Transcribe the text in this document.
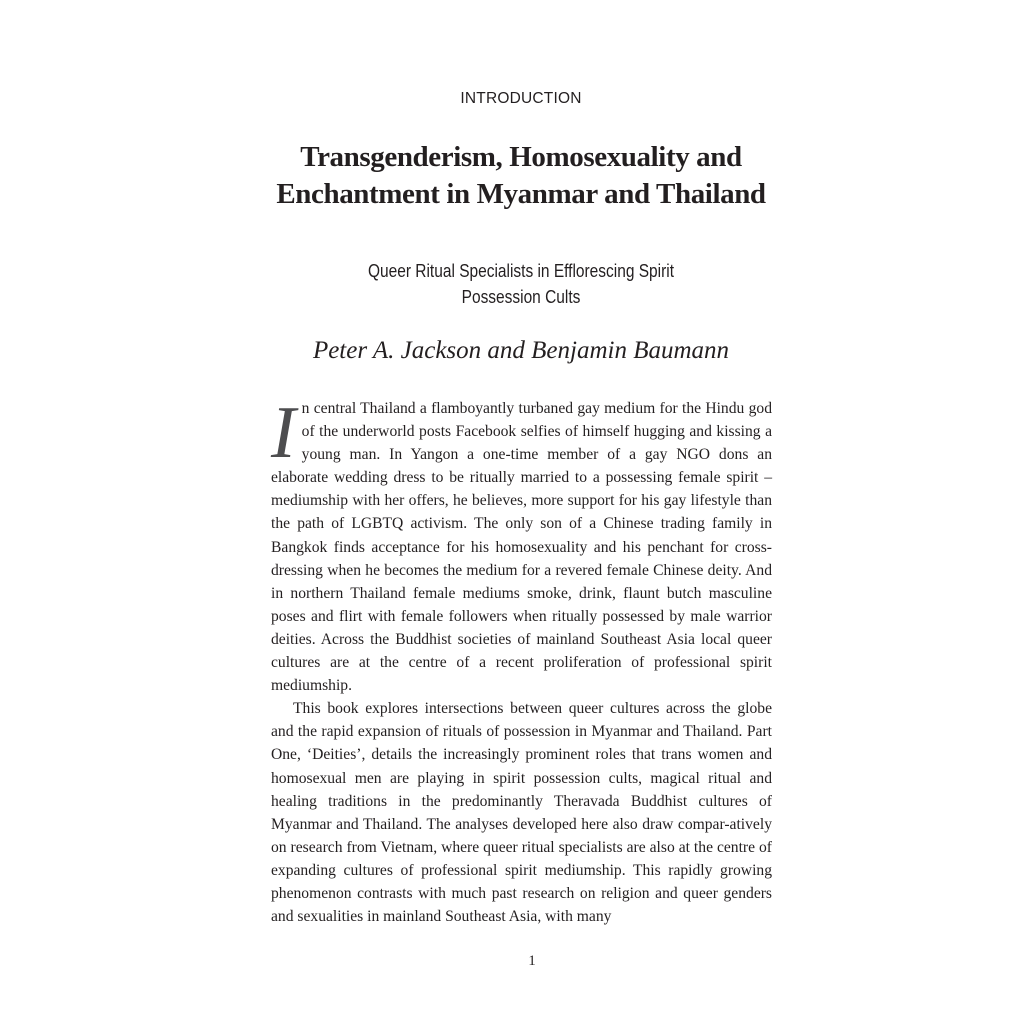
INTRODUCTION
Transgenderism, Homosexuality and Enchantment in Myanmar and Thailand
Queer Ritual Specialists in Efflorescing Spirit Possession Cults
Peter A. Jackson and Benjamin Baumann

In central Thailand a flamboyantly turbaned gay medium for the Hindu god of the underworld posts Facebook selfies of himself hugging and kissing a young man. In Yangon a one-time member of a gay NGO dons an elaborate wedding dress to be ritually married to a possessing female spirit – mediumship with her offers, he believes, more support for his gay lifestyle than the path of LGBTQ activism. The only son of a Chinese trading family in Bangkok finds acceptance for his homosexuality and his penchant for cross-dressing when he becomes the medium for a revered female Chinese deity. And in northern Thailand female mediums smoke, drink, flaunt butch masculine poses and flirt with female followers when ritually possessed by male warrior deities. Across the Buddhist societies of mainland Southeast Asia local queer cultures are at the centre of a recent proliferation of professional spirit mediumship.

This book explores intersections between queer cultures across the globe and the rapid expansion of rituals of possession in Myanmar and Thailand. Part One, ‘Deities’, details the increasingly prominent roles that trans women and homosexual men are playing in spirit possession cults, magical ritual and healing traditions in the predominantly Theravada Buddhist cultures of Myanmar and Thailand. The analyses developed here also draw compar-atively on research from Vietnam, where queer ritual specialists are also at the centre of expanding cultures of professional spirit mediumship. This rapidly growing phenomenon contrasts with much past research on religion and queer genders and sexualities in mainland Southeast Asia, with many

1
